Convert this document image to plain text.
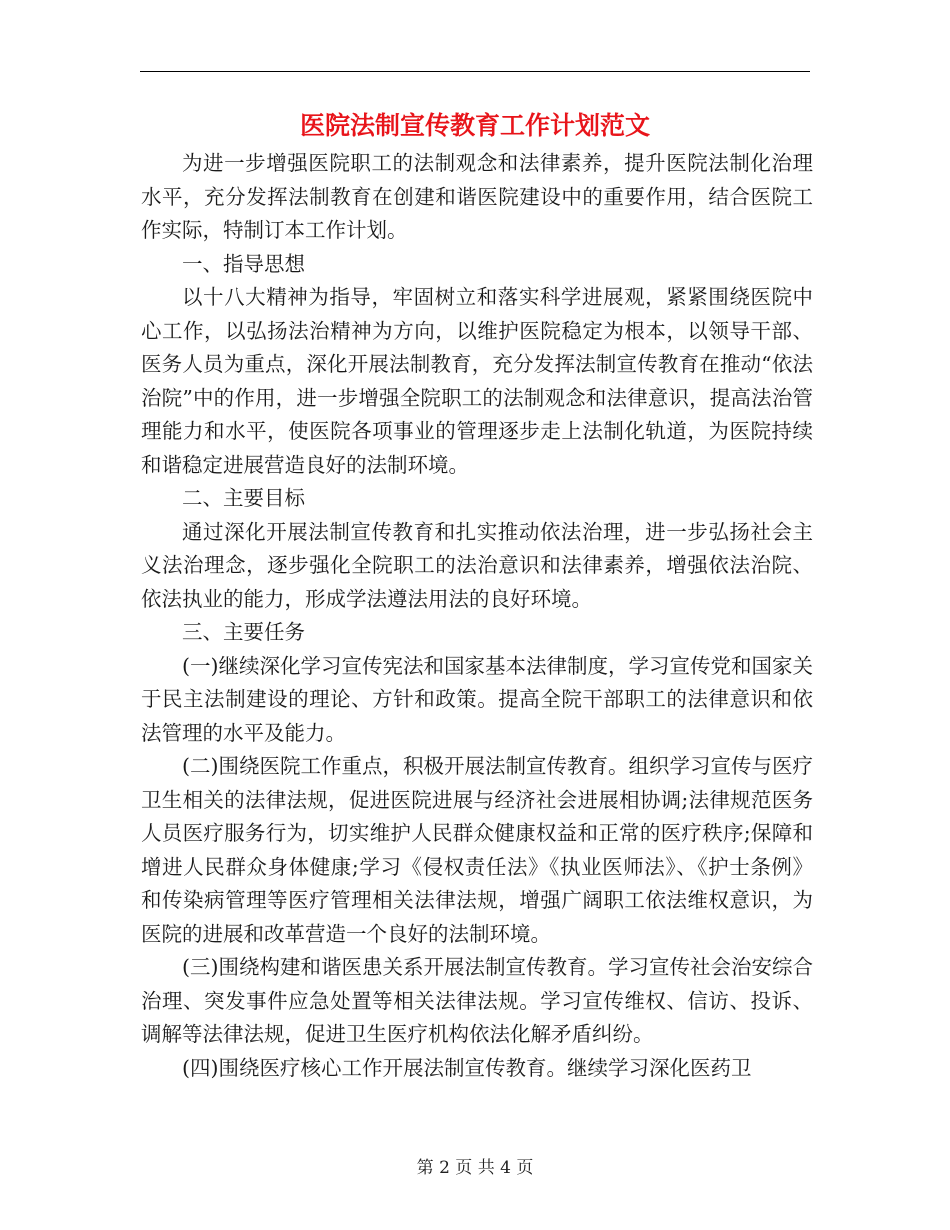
医院法制宣传教育工作计划范文

为进一步增强医院职工的法制观念和法律素养，提升医院法制化治理水平，充分发挥法制教育在创建和谐医院建设中的重要作用，结合医院工作实际，特制订本工作计划。

一、指导思想

以十八大精神为指导，牢固树立和落实科学进展观，紧紧围绕医院中心工作，以弘扬法治精神为方向，以维护医院稳定为根本，以领导干部、医务人员为重点，深化开展法制教育，充分发挥法制宣传教育在推动“依法治院”中的作用，进一步增强全院职工的法制观念和法律意识，提高法治管理能力和水平，使医院各项事业的管理逐步走上法制化轨道，为医院持续和谐稳定进展营造良好的法制环境。

二、主要目标

通过深化开展法制宣传教育和扎实推动依法治理，进一步弘扬社会主义法治理念，逐步强化全院职工的法治意识和法律素养，增强依法治院、依法执业的能力，形成学法遵法用法的良好环境。

三、主要任务

(一)继续深化学习宣传宪法和国家基本法律制度，学习宣传党和国家关于民主法制建设的理论、方针和政策。提高全院干部职工的法律意识和依法管理的水平及能力。

(二)围绕医院工作重点，积极开展法制宣传教育。组织学习宣传与医疗卫生相关的法律法规，促进医院进展与经济社会进展相协调;法律规范医务人员医疗服务行为，切实维护人民群众健康权益和正常的医疗秩序;保障和增进人民群众身体健康;学习《侵权责任法》《执业医师法》、《护士条例》和传染病管理等医疗管理相关法律法规，增强广阔职工依法维权意识，为医院的进展和改革营造一个良好的法制环境。

(三)围绕构建和谐医患关系开展法制宣传教育。学习宣传社会治安综合治理、突发事件应急处置等相关法律法规。学习宣传维权、信访、投诉、调解等法律法规，促进卫生医疗机构依法化解矛盾纠纷。

(四)围绕医疗核心工作开展法制宣传教育。继续学习深化医药卫

第 2 页 共 4 页
